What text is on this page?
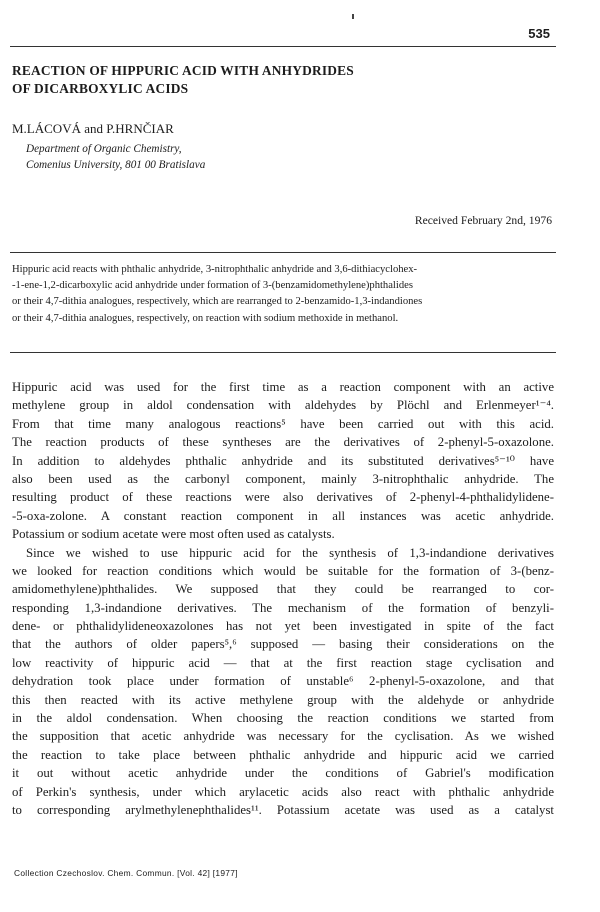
535
REACTION OF HIPPURIC ACID WITH ANHYDRIDES
OF DICARBOXYLIC ACIDS
M.LÁCOVÁ and P.HRNČIAR
Department of Organic Chemistry,
Comenius University, 801 00 Bratislava
Received February 2nd, 1976
Hippuric acid reacts with phthalic anhydride, 3-nitrophthalic anhydride and 3,6-dithiacyclohex-
-1-ene-1,2-dicarboxylic acid anhydride under formation of 3-(benzamidomethylene)phthalides
or their 4,7-dithia analogues, respectively, which are rearranged to 2-benzamido-1,3-indandiones
or their 4,7-dithia analogues, respectively, on reaction with sodium methoxide in methanol.
Hippuric acid was used for the first time as a reaction component with an active
methylene group in aldol condensation with aldehydes by Plöchl and Erlenmeyer¹⁻⁴.
From that time many analogous reactions⁵ have been carried out with this acid.
The reaction products of these syntheses are the derivatives of 2-phenyl-5-oxazolone.
In addition to aldehydes phthalic anhydride and its substituted derivatives⁵⁻¹⁰ have
also been used as the carbonyl component, mainly 3-nitrophthalic anhydride. The
resulting product of these reactions were also derivatives of 2-phenyl-4-phthalidylidene-
-5-oxa-zolone. A constant reaction component in all instances was acetic anhydride.
Potassium or sodium acetate were most often used as catalysts.
Since we wished to use hippuric acid for the synthesis of 1,3-indandione derivatives
we looked for reaction conditions which would be suitable for the formation of 3-(benz-
amidomethylene)phthalides. We supposed that they could be rearranged to cor-
responding 1,3-indandione derivatives. The mechanism of the formation of benzyli-
dene- or phthalidylideneoxazolones has not yet been investigated in spite of the fact
that the authors of older papers⁵,⁶ supposed — basing their considerations on the
low reactivity of hippuric acid — that at the first reaction stage cyclisation and
dehydration took place under formation of unstable⁶ 2-phenyl-5-oxazolone, and that
this then reacted with its active methylene group with the aldehyde or anhydride
in the aldol condensation. When choosing the reaction conditions we started from
the supposition that acetic anhydride was necessary for the cyclisation. As we wished
the reaction to take place between phthalic anhydride and hippuric acid we carried
it out without acetic anhydride under the conditions of Gabriel's modification
of Perkin's synthesis, under which arylacetic acids also react with phthalic anhydride
to corresponding arylmethylenephthalides¹¹. Potassium acetate was used as a catalyst
Collection Czechoslov. Chem. Commun. [Vol. 42] [1977]
